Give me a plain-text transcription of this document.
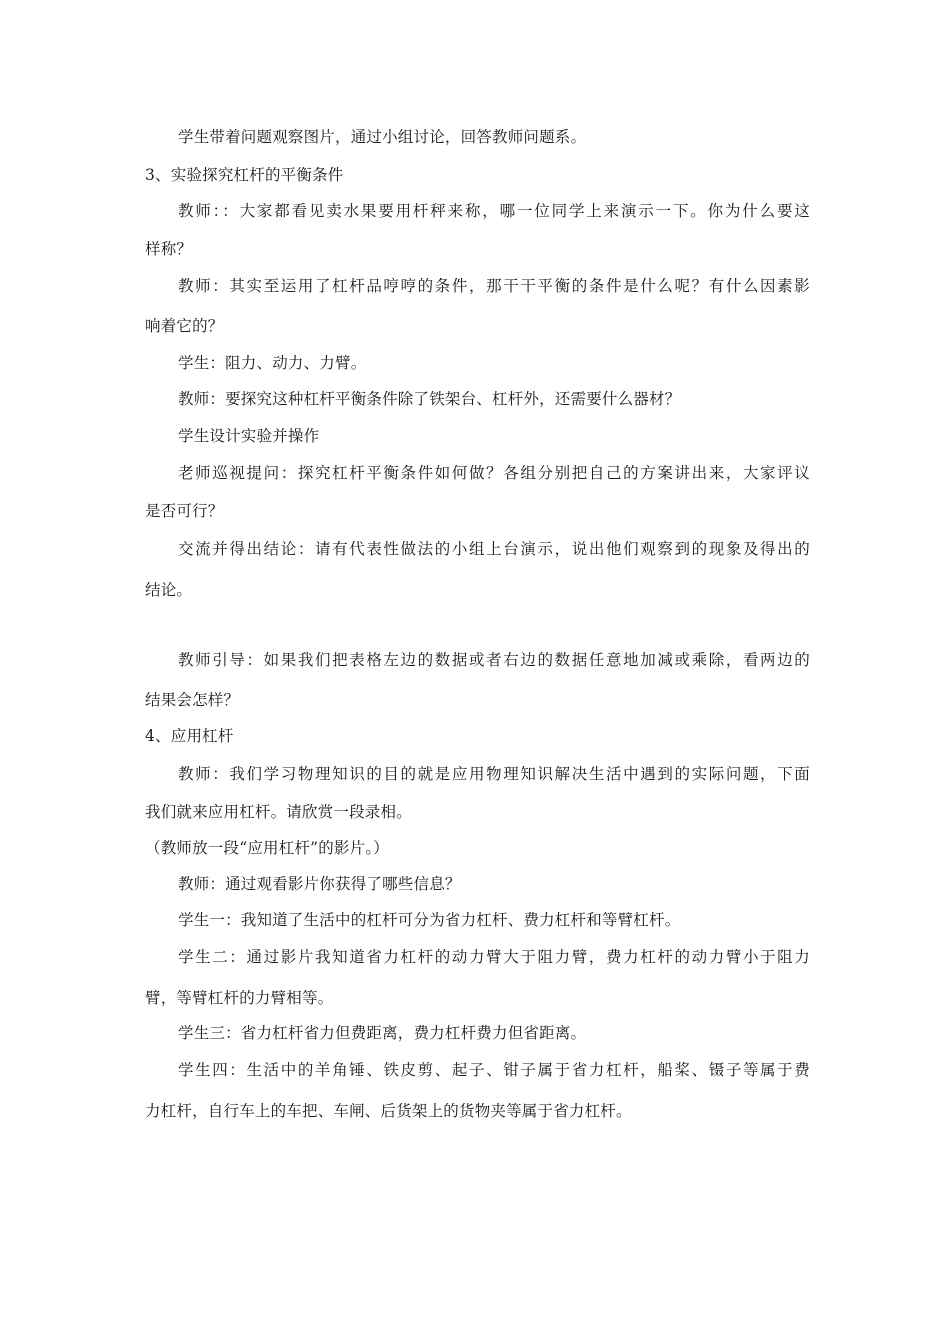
学生带着问题观察图片，通过小组讨论，回答教师问题系。
3、实验探究杠杆的平衡条件
教师：：大家都看见卖水果要用杆秤来称，哪一位同学上来演示一下。你为什么要这
样称？
教师：其实至运用了杠杆品哼哼的条件，那干干平衡的条件是什么呢？有什么因素影
响着它的？
学生：阻力、动力、力臂。
教师：要探究这种杠杆平衡条件除了铁架台、杠杆外，还需要什么器材？
学生设计实验并操作
老师巡视提问：探究杠杆平衡条件如何做？各组分别把自己的方案讲出来，大家评议
是否可行？
交流并得出结论：请有代表性做法的小组上台演示，说出他们观察到的现象及得出的
结论。
教师引导：如果我们把表格左边的数据或者右边的数据任意地加减或乘除，看两边的
结果会怎样？
4、应用杠杆
教师：我们学习物理知识的目的就是应用物理知识解决生活中遇到的实际问题，下面
我们就来应用杠杆。请欣赏一段录相。
（教师放一段“应用杠杆”的影片。）
教师：通过观看影片你获得了哪些信息？
学生一：我知道了生活中的杠杆可分为省力杠杆、费力杠杆和等臂杠杆。
学生二：通过影片我知道省力杠杆的动力臂大于阻力臂，费力杠杆的动力臂小于阻力
臂，等臂杠杆的力臂相等。
学生三：省力杠杆省力但费距离，费力杠杆费力但省距离。
学生四：生活中的羊角锤、铁皮剪、起子、钳子属于省力杠杆，船桨、镊子等属于费
力杠杆，自行车上的车把、车闸、后货架上的货物夹等属于省力杠杆。
